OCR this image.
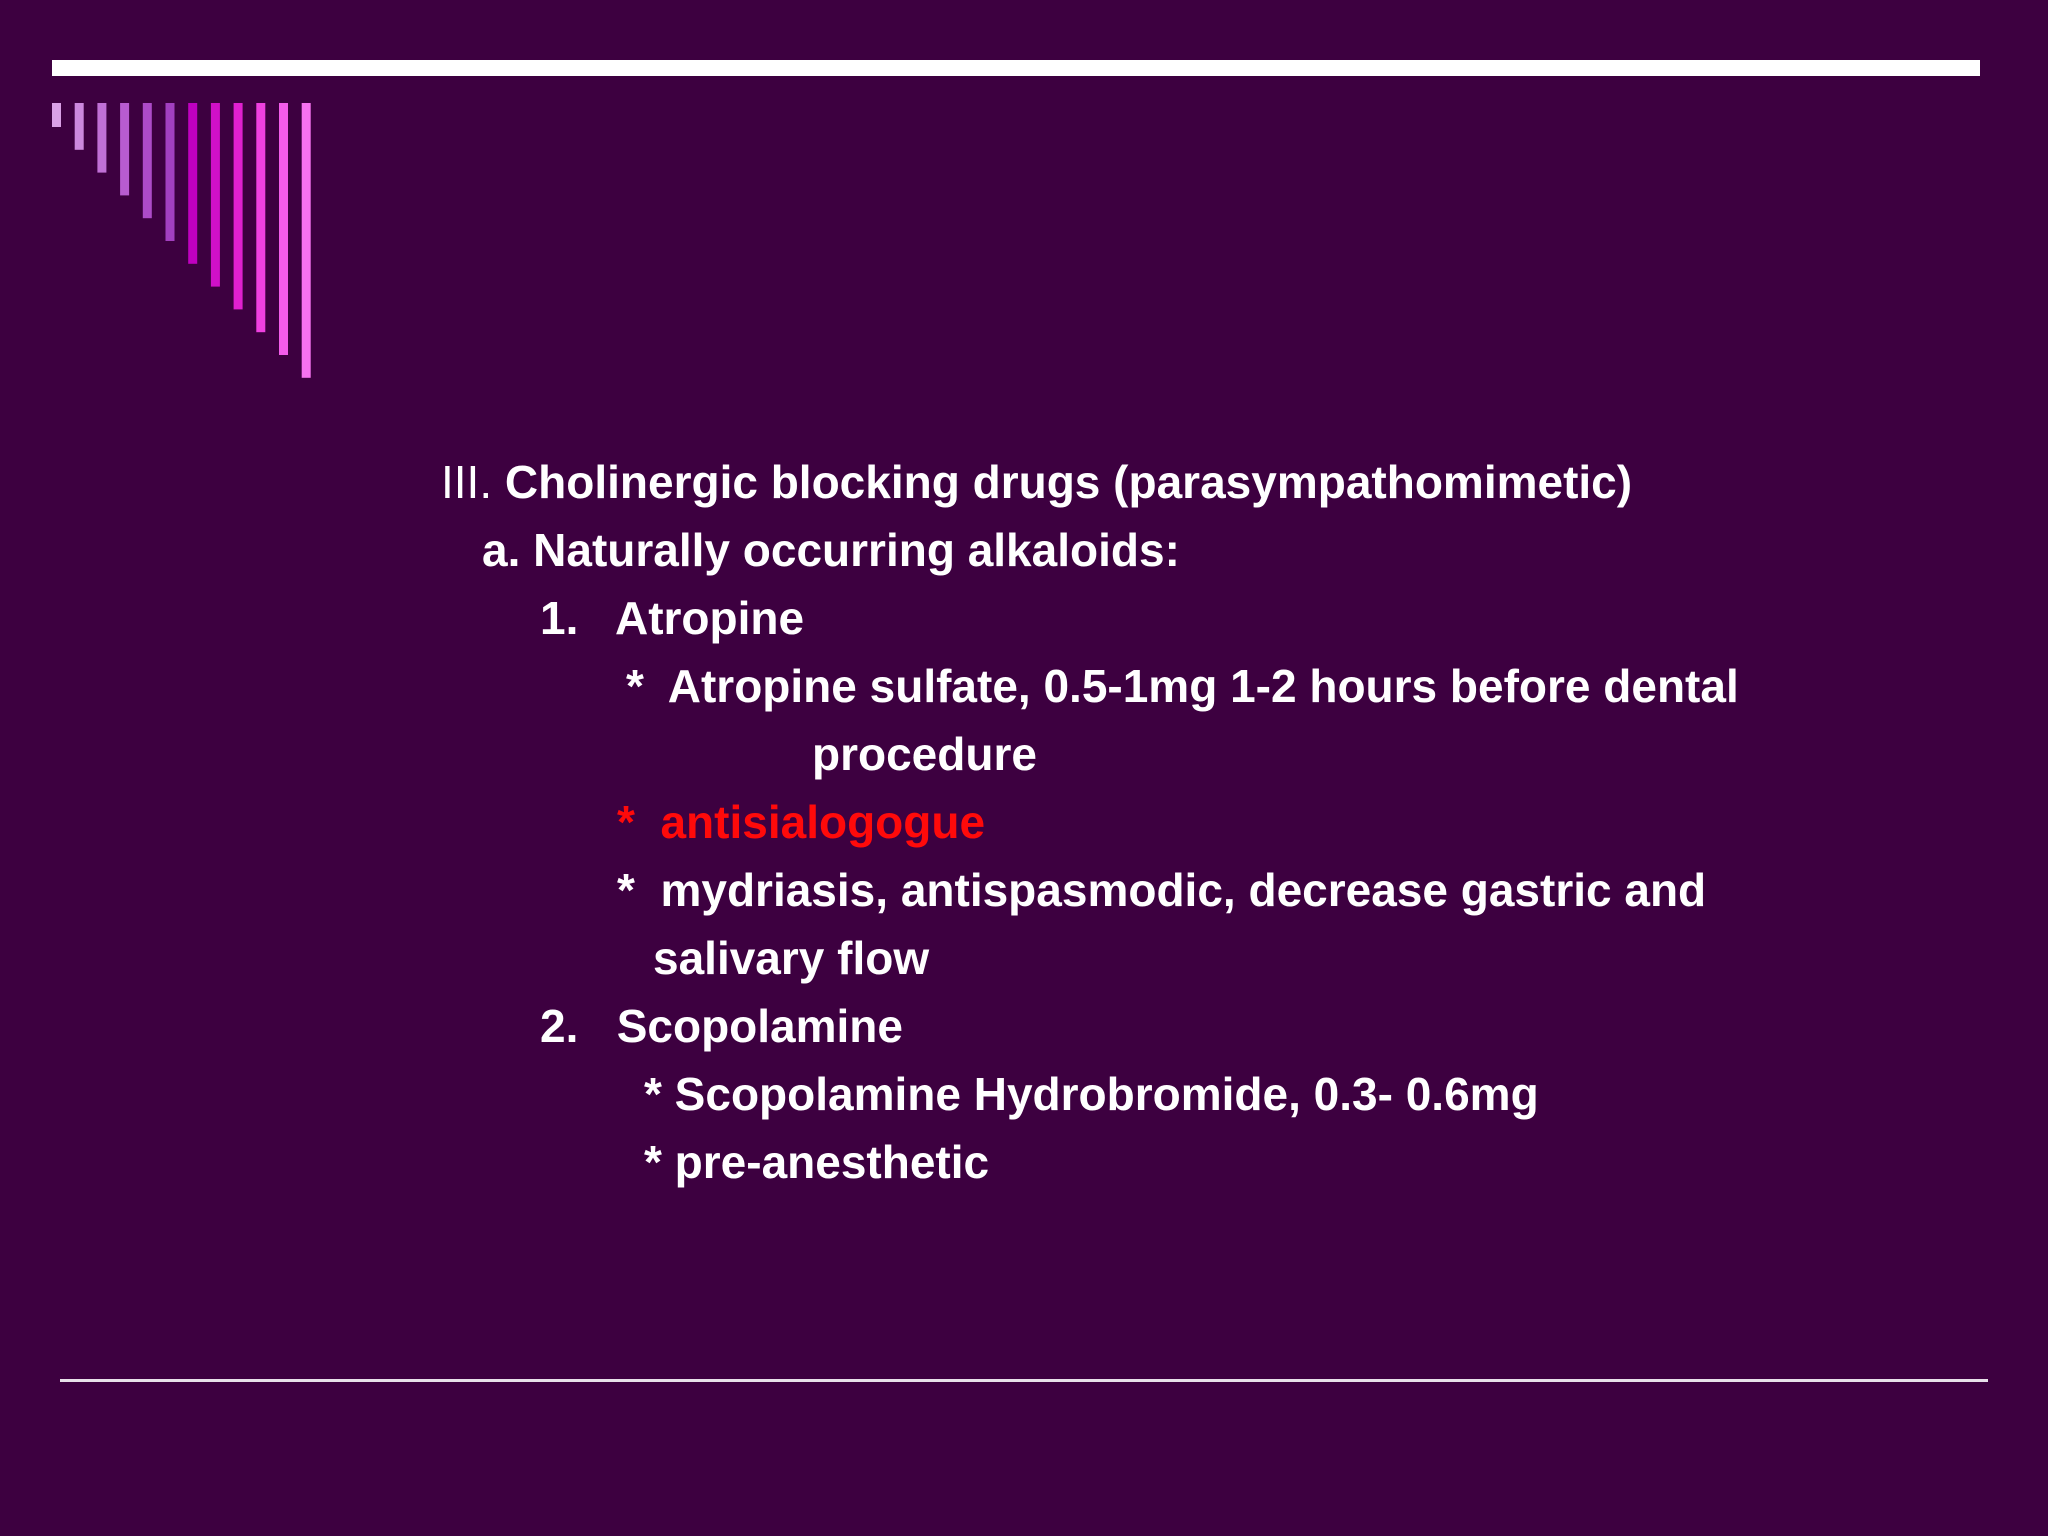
III. Cholinergic blocking drugs (parasympathomimetic)
a. Naturally occurring alkaloids:
1.   Atropine
*  Atropine sulfate, 0.5-1mg 1-2 hours before dental
procedure
*  antisialogogue
*  mydriasis, antispasmodic, decrease gastric and
salivary flow
2.   Scopolamine
* Scopolamine Hydrobromide, 0.3- 0.6mg
* pre-anesthetic
